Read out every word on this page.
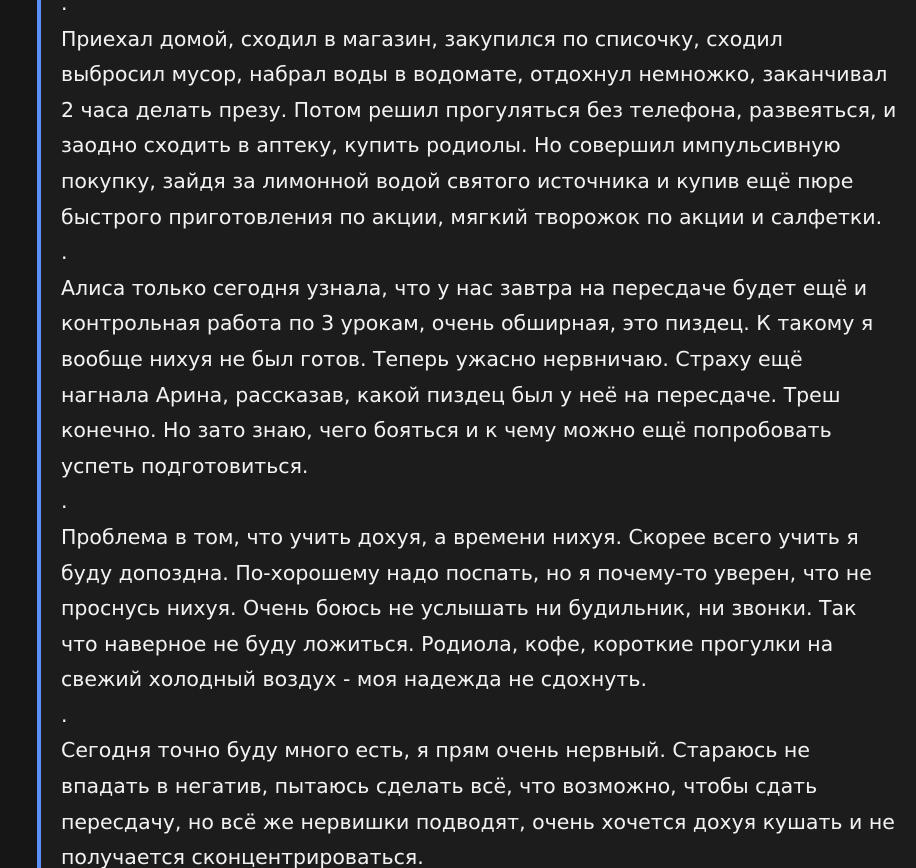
.
Приехал домой, сходил в магазин, закупился по списочку, сходил
выбросил мусор, набрал воды в водомате, отдохнул немножко, заканчивал
2 часа делать презу. Потом решил прогуляться без телефона, развеяться, и
заодно сходить в аптеку, купить родиолы. Но совершил импульсивную
покупку, зайдя за лимонной водой святого источника и купив ещё пюре
быстрого приготовления по акции, мягкий творожок по акции и салфетки.
.
Алиса только сегодня узнала, что у нас завтра на пересдаче будет ещё и
контрольная работа по 3 урокам, очень обширная, это пиздец. К такому я
вообще нихуя не был готов. Теперь ужасно нервничаю. Страху ещё
нагнала Арина, рассказав, какой пиздец был у неё на пересдаче. Треш
конечно. Но зато знаю, чего бояться и к чему можно ещё попробовать
успеть подготовиться.
.
Проблема в том, что учить дохуя, а времени нихуя. Скорее всего учить я
буду допоздна. По-хорошему надо поспать, но я почему-то уверен, что не
проснусь нихуя. Очень боюсь не услышать ни будильник, ни звонки. Так
что наверное не буду ложиться. Родиола, кофе, короткие прогулки на
свежий холодный воздух - моя надежда не сдохнуть.
.
Сегодня точно буду много есть, я прям очень нервный. Стараюсь не
впадать в негатив, пытаюсь сделать всё, что возможно, чтобы сдать
пересдачу, но всё же нервишки подводят, очень хочется дохуя кушать и не
получается сконцентрироваться.
